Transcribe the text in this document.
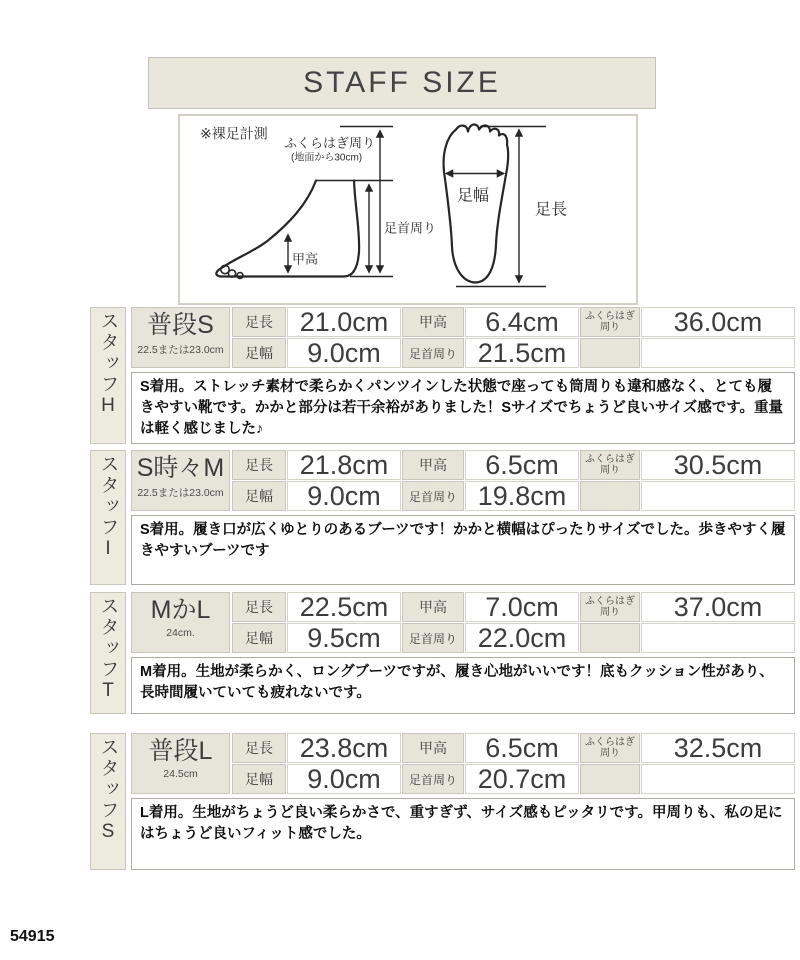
STAFF SIZE
※裸足計測
ふくらはぎ周り
(地面から30cm)
足首周り
甲高
足幅
足長
スタッフH	普段S
22.5または23.0cm
足長 21.0cm	甲高	6.4cm	ふくらはぎ周り	36.0cm
足幅	9.0cm	足首周り 21.5cm
S着用。ストレッチ素材で柔らかくパンツインした状態で座っても筒周りも違和感なく、とても履きやすい靴です。かかと部分は若干余裕がありました！Sサイズでちょうど良いサイズ感です。重量は軽く感じました♪
スタッフI S時々M
22.5または23.0cm
足長 21.8cm	甲高	6.5cm	ふくらはぎ周り	30.5cm
足幅	9.0cm	足首周り 19.8cm
S着用。履き口が広くゆとりのあるブーツです！かかと横幅はぴったりサイズでした。歩きやすく履きやすいブーツです
スタッフT	MかL
24cm.
足長 22.5cm	甲高	7.0cm	ふくらはぎ周り	37.0cm
足幅	9.5cm	足首周り 22.0cm
M着用。生地が柔らかく、ロングブーツですが、履き心地がいいです！底もクッション性があり、長時間履いていても疲れないです。
スタッフS	普段L
24.5cm
足長 23.8cm	甲高	6.5cm	ふくらはぎ周り	32.5cm
足幅	9.0cm	足首周り 20.7cm
L着用。生地がちょうど良い柔らかさで、重すぎず、サイズ感もピッタリです。甲周りも、私の足にはちょうど良いフィット感でした。
54915
